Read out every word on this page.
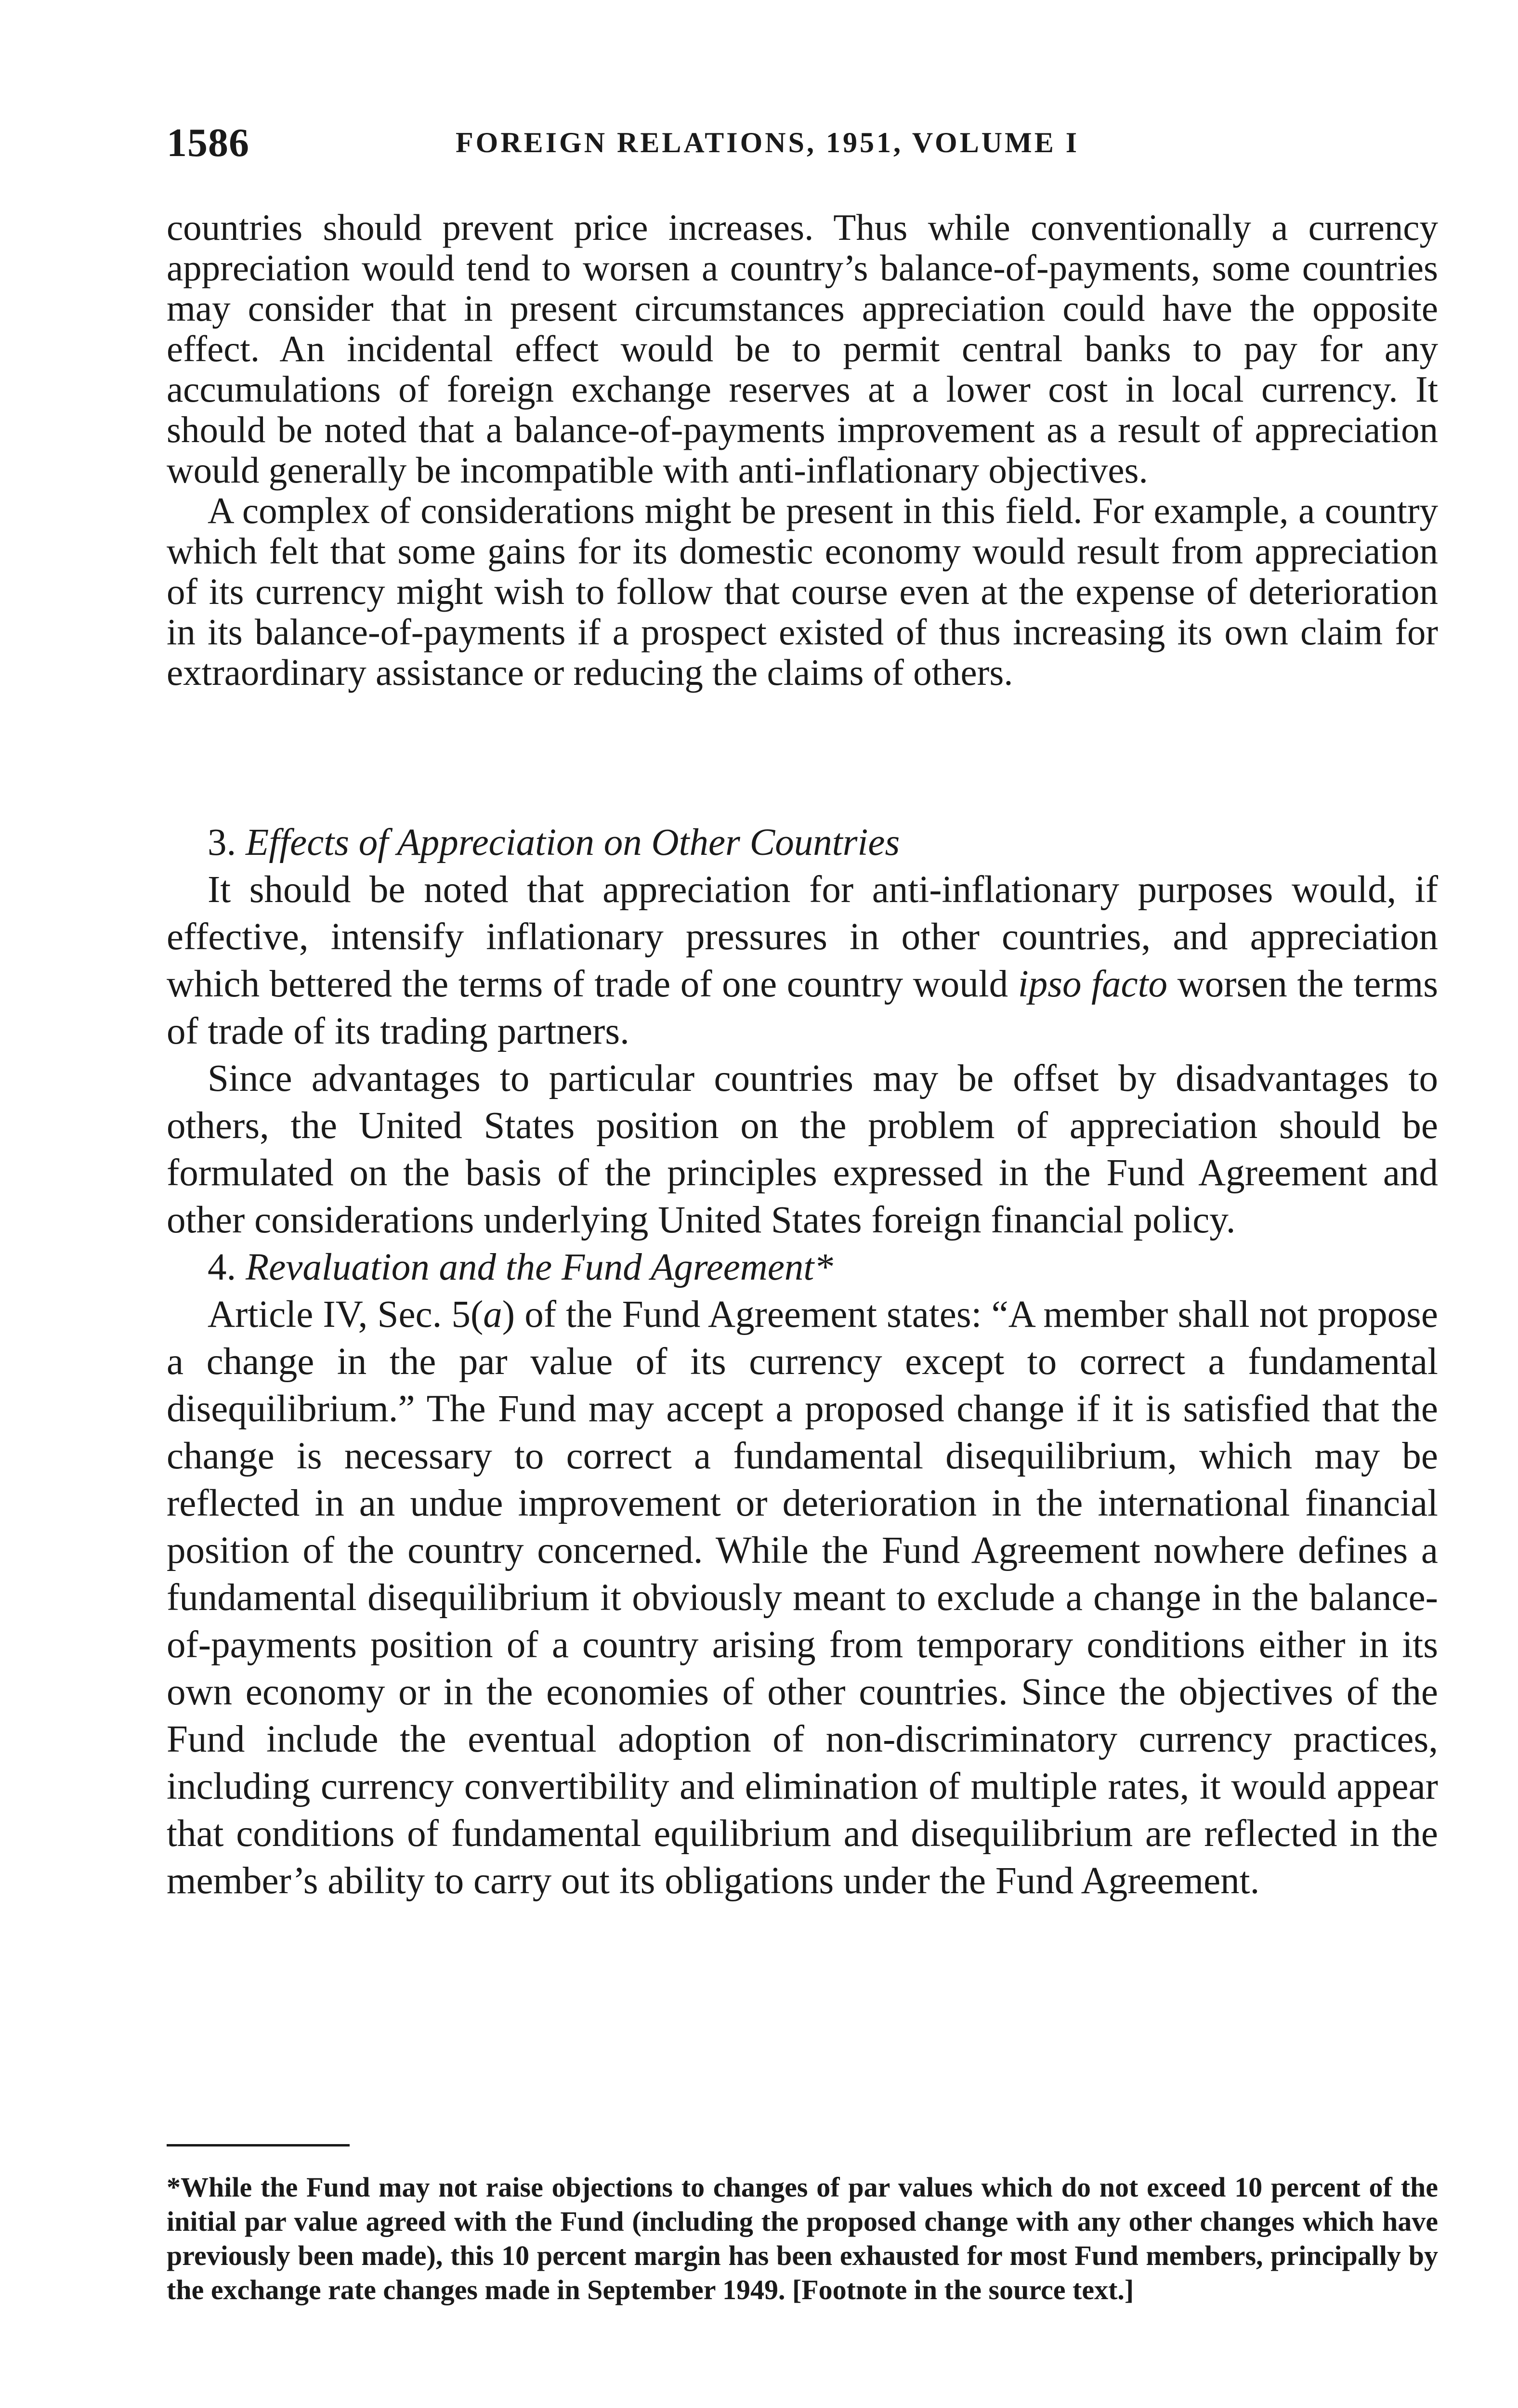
1586	FOREIGN RELATIONS, 1951, VOLUME I

countries should prevent price increases. Thus while conventionally a currency appreciation would tend to worsen a country’s balance-of-payments, some countries may consider that in present circumstances appreciation could have the opposite effect. An incidental effect would be to permit central banks to pay for any accumulations of foreign exchange reserves at a lower cost in local currency. It should be noted that a balance-of-payments improvement as a result of appreciation would generally be incompatible with anti-inflationary objectives.

A complex of considerations might be present in this field. For example, a country which felt that some gains for its domestic economy would result from appreciation of its currency might wish to follow that course even at the expense of deterioration in its balance-of-payments if a prospect existed of thus increasing its own claim for extraordinary assistance or reducing the claims of others.

3. Effects of Appreciation on Other Countries

It should be noted that appreciation for anti-inflationary purposes would, if effective, intensify inflationary pressures in other countries, and appreciation which bettered the terms of trade of one country would ipso facto worsen the terms of trade of its trading partners.

Since advantages to particular countries may be offset by disadvantages to others, the United States position on the problem of appreciation should be formulated on the basis of the principles expressed in the Fund Agreement and other considerations underlying United States foreign financial policy.

4. Revaluation and the Fund Agreement*

Article IV, Sec. 5(a) of the Fund Agreement states: “A member shall not propose a change in the par value of its currency except to correct a fundamental disequilibrium.” The Fund may accept a proposed change if it is satisfied that the change is necessary to correct a fundamental disequilibrium, which may be reflected in an undue improvement or deterioration in the international financial position of the country concerned. While the Fund Agreement nowhere defines a fundamental disequilibrium it obviously meant to exclude a change in the balance-of-payments position of a country arising from temporary conditions either in its own economy or in the economies of other countries. Since the objectives of the Fund include the eventual adoption of non-discriminatory currency practices, including currency convertibility and elimination of multiple rates, it would appear that conditions of fundamental equilibrium and disequilibrium are reflected in the member’s ability to carry out its obligations under the Fund Agreement.

*While the Fund may not raise objections to changes of par values which do not exceed 10 percent of the initial par value agreed with the Fund (including the proposed change with any other changes which have previously been made), this 10 percent margin has been exhausted for most Fund members, principally by the exchange rate changes made in September 1949. [Footnote in the source text.]
